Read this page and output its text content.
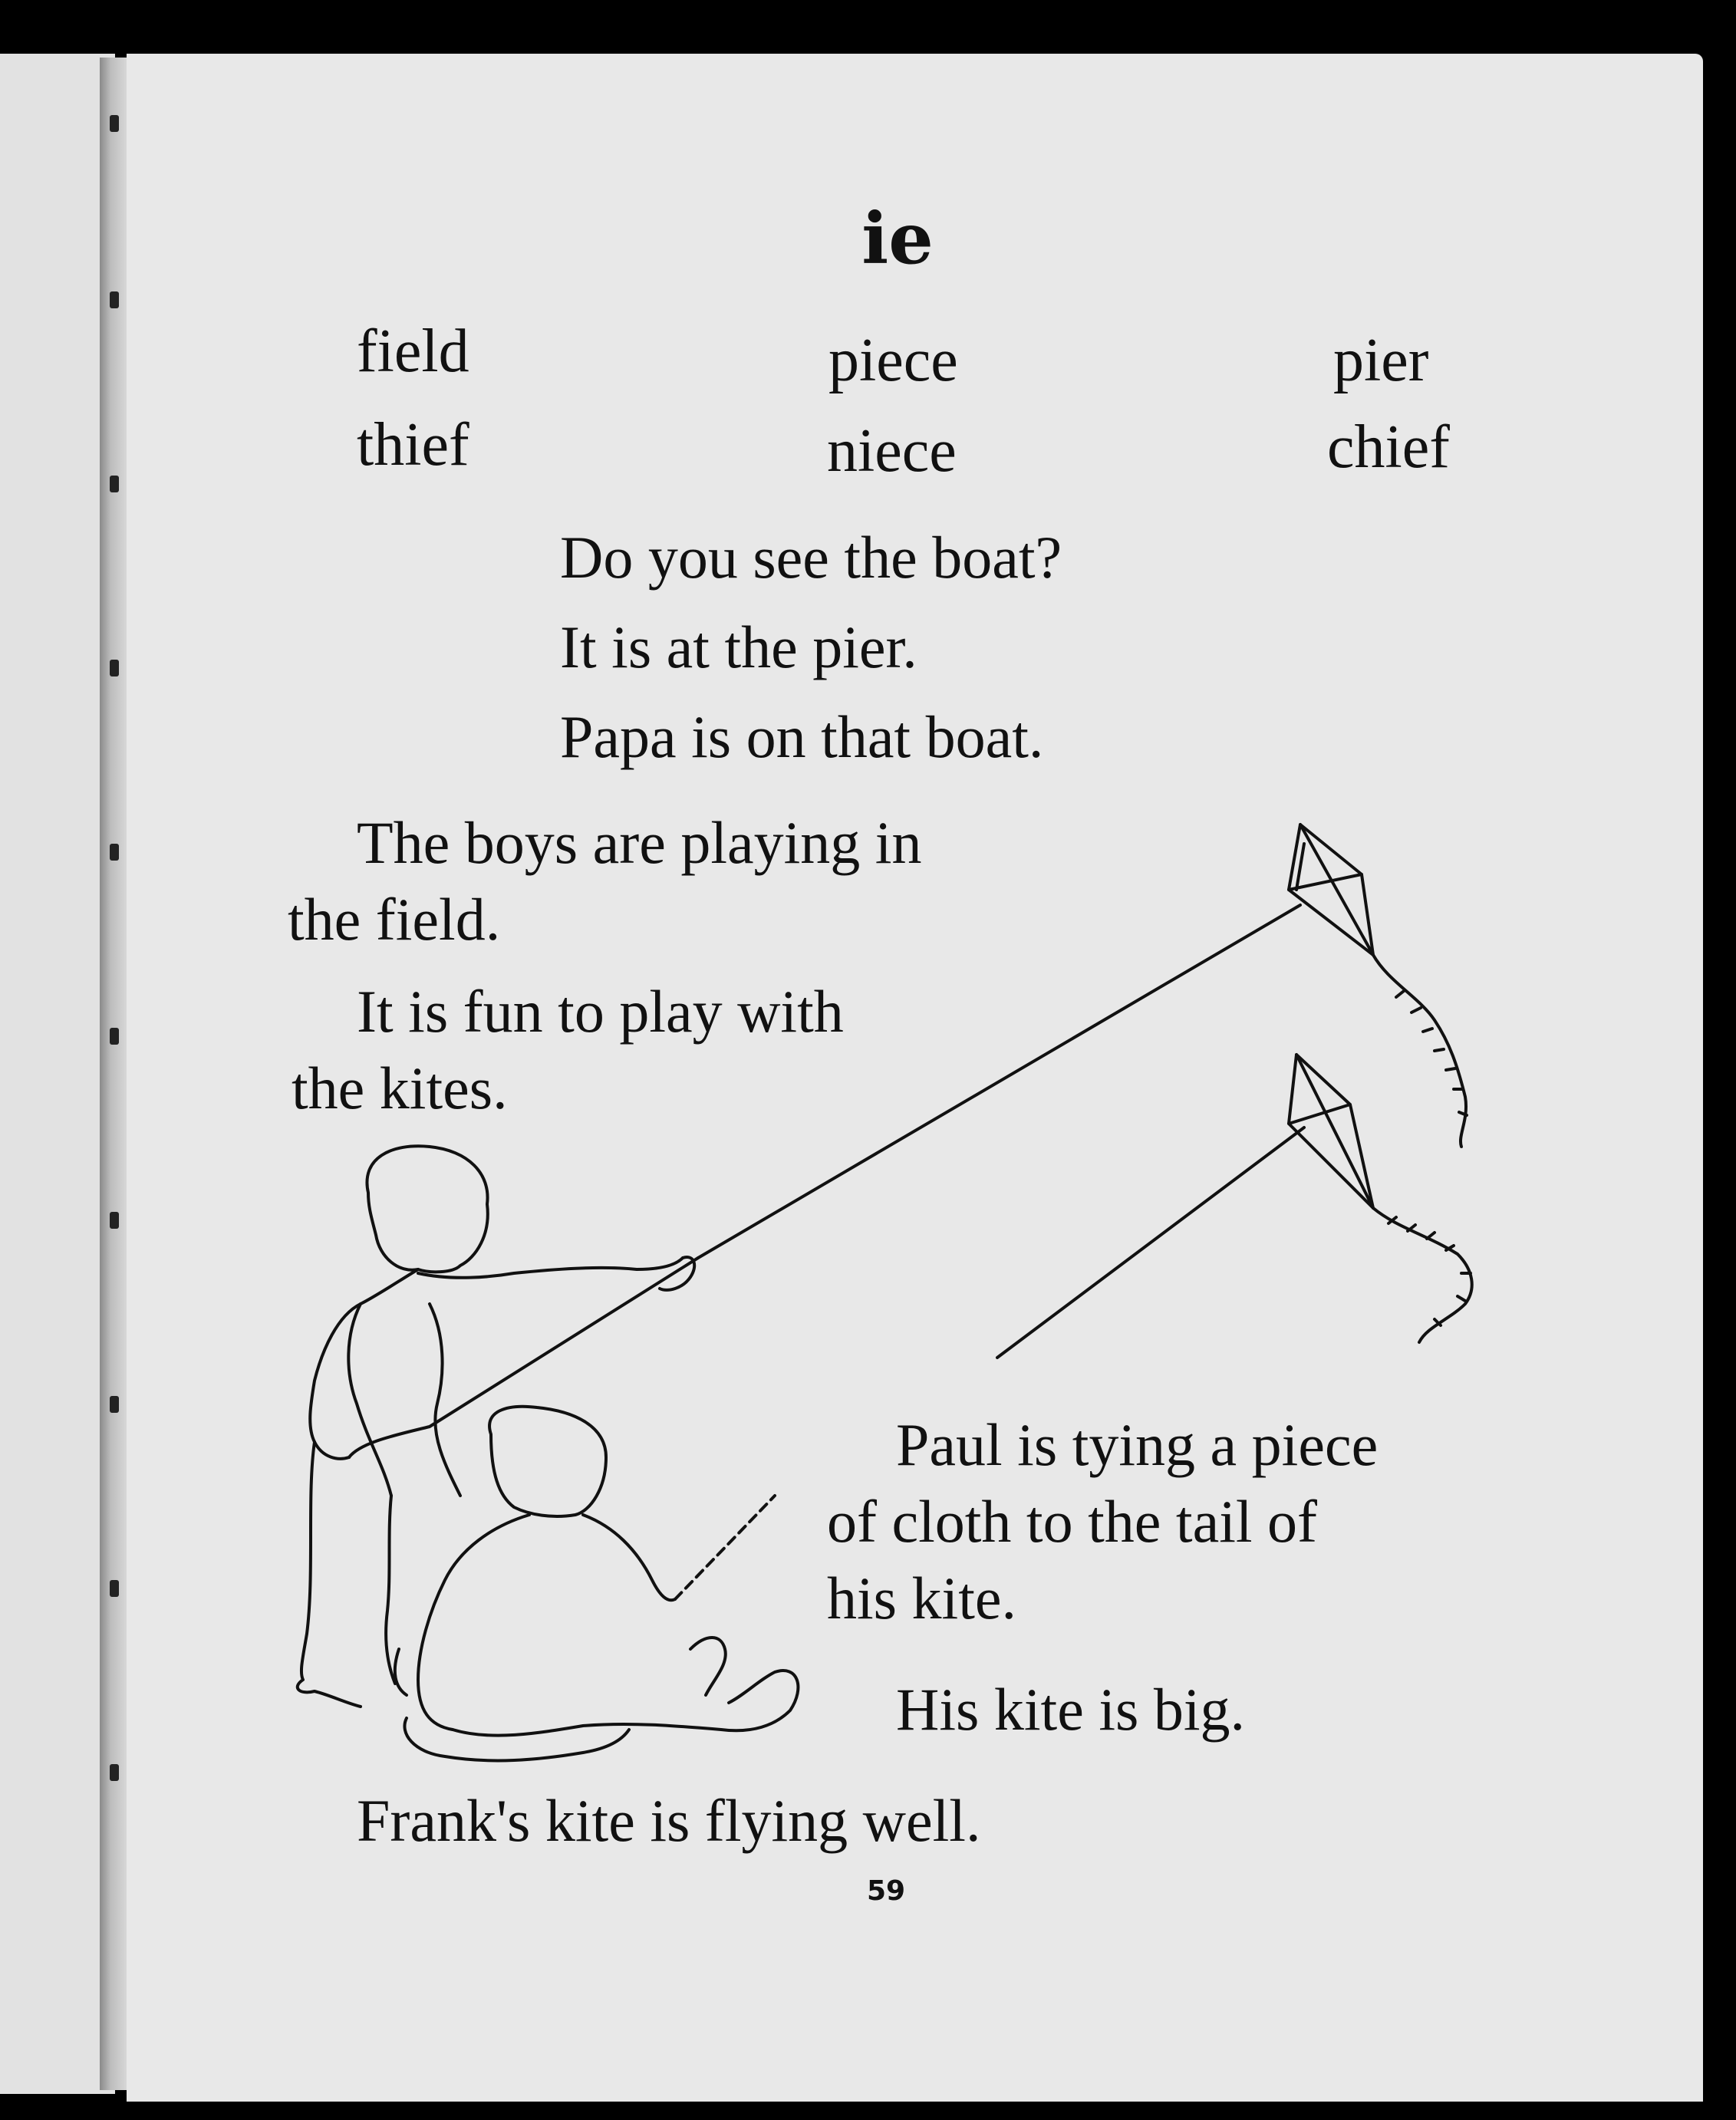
ie
field
thief
piece
niece
pier
chief
Do you see the boat?
It is at the pier.
Papa is on that boat.
The boys are playing in
the field.
It is fun to play with
the kites.
Paul is tying a piece
of cloth to the tail of
his kite.
His kite is big.
Frank's kite is flying well.
59
